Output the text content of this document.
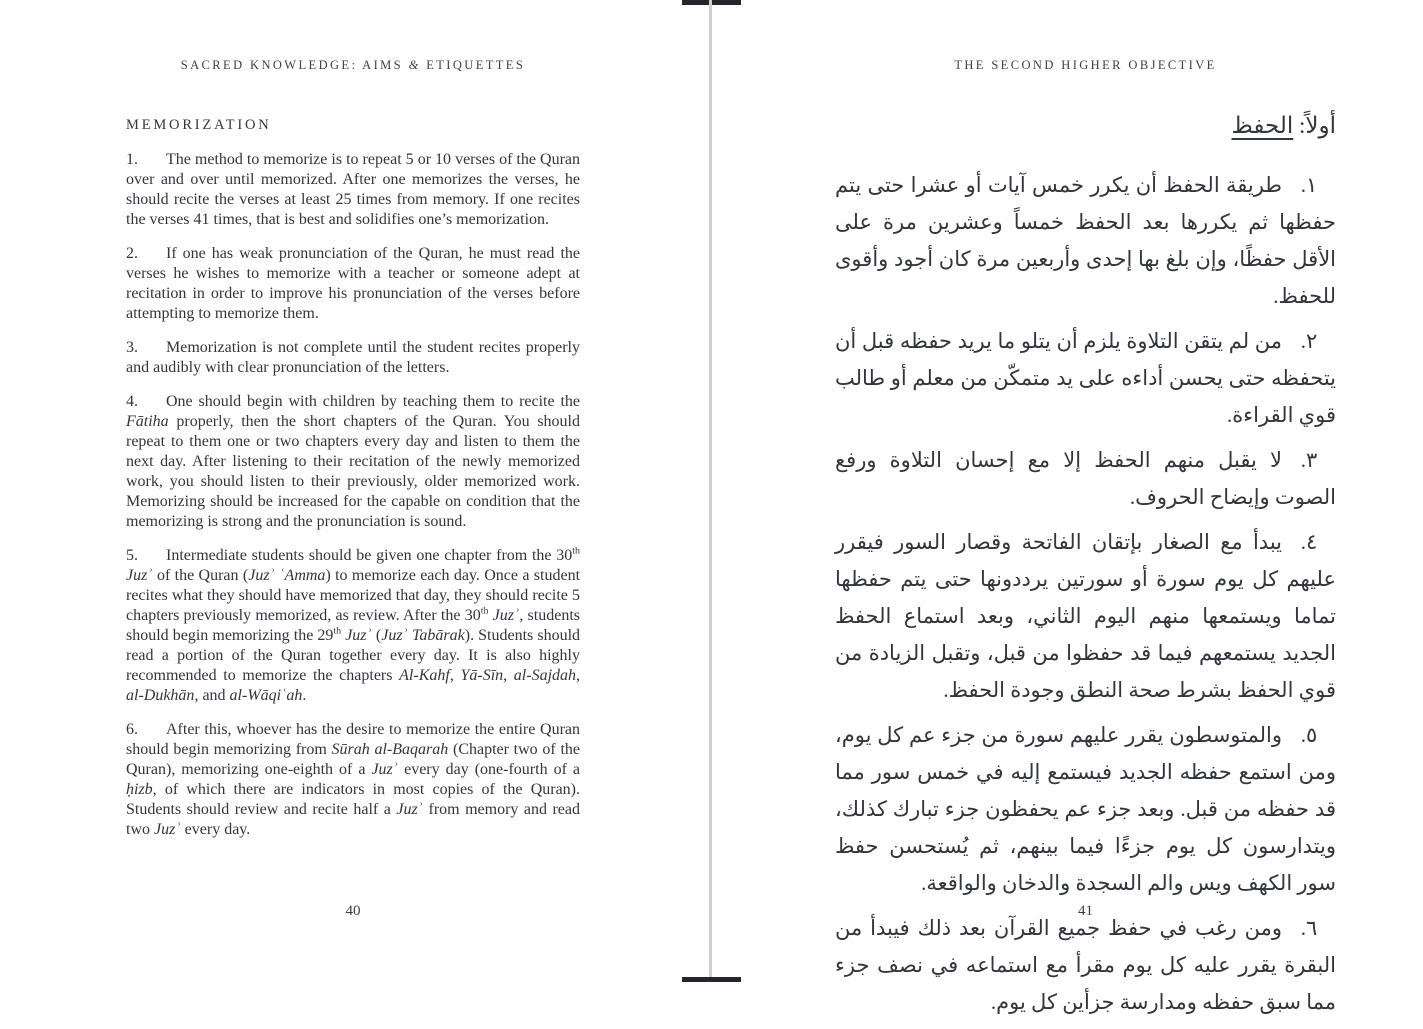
SACRED KNOWLEDGE: AIMS & ETIQUETTES
MEMORIZATION

1. The method to memorize is to repeat 5 or 10 verses of the Quran over and over until memorized. After one memorizes the verses, he should recite the verses at least 25 times from memory. If one recites the verses 41 times, that is best and solidifies one’s memorization.

2. If one has weak pronunciation of the Quran, he must read the verses he wishes to memorize with a teacher or someone adept at recitation in order to improve his pronunciation of the verses before attempting to memorize them.

3. Memorization is not complete until the student recites properly and audibly with clear pronunciation of the letters.

4. One should begin with children by teaching them to recite the Fātiha properly, then the short chapters of the Quran. You should repeat to them one or two chapters every day and listen to them the next day. After listening to their recitation of the newly memorized work, you should listen to their previously, older memorized work. Memorizing should be increased for the capable on condition that the memorizing is strong and the pronunciation is sound.

5. Intermediate students should be given one chapter from the 30th Juzʾ of the Quran (Juzʾ ʿAmma) to memorize each day. Once a student recites what they should have memorized that day, they should recite 5 chapters previously memorized, as review. After the 30th Juzʾ, students should begin memorizing the 29th Juzʾ (Juzʾ Tabārak). Students should read a portion of the Quran together every day. It is also highly recommended to memorize the chapters Al-Kahf, Yā-Sīn, al-Sajdah, al-Dukhān, and al-Wāqiʿah.

6. After this, whoever has the desire to memorize the entire Quran should begin memorizing from Sūrah al-Baqarah (Chapter two of the Quran), memorizing one-eighth of a Juzʾ every day (one-fourth of a ḥizb, of which there are indicators in most copies of the Quran). Students should review and recite half a Juzʾ from memory and read two Juzʾ every day.

40
THE SECOND HIGHER OBJECTIVE
أولاً: الحفظ

١.طريقة الحفظ أن يكرر خمس آيات أو عشرا حتى يتم حفظها ثم يكررها بعد الحفظ خمساً وعشرين مرة على الأقل حفظًا، وإن بلغ بها إحدى وأربعين مرة كان أجود وأقوى للحفظ.

٢.من لم يتقن التلاوة يلزم أن يتلو ما يريد حفظه قبل أن يتحفظه حتى يحسن أداءه على يد متمكّن من معلم أو طالب قوي القراءة.

٣.لا يقبل منهم الحفظ إلا مع إحسان التلاوة ورفع الصوت وإيضاح الحروف.

٤.يبدأ مع الصغار بإتقان الفاتحة وقصار السور فيقرر عليهم كل يوم سورة أو سورتين يرددونها حتى يتم حفظها تماما ويستمعها منهم اليوم الثاني، وبعد استماع الحفظ الجديد يستمعهم فيما قد حفظوا من قبل، وتقبل الزيادة من قوي الحفظ بشرط صحة النطق وجودة الحفظ.

٥.والمتوسطون يقرر عليهم سورة من جزء عم كل يوم، ومن استمع حفظه الجديد فيستمع إليه في خمس سور مما قد حفظه من قبل. وبعد جزء عم يحفظون جزء تبارك كذلك، ويتدارسون كل يوم جزءًا فيما بينهم، ثم يُستحسن حفظ سور الكهف ويس والم السجدة والدخان والواقعة.

٦.ومن رغب في حفظ جميع القرآن بعد ذلك فيبدأ من البقرة يقرر عليه كل يوم مقرأ مع استماعه في نصف جزء مما سبق حفظه ومدارسة جزأين كل يوم.

41
